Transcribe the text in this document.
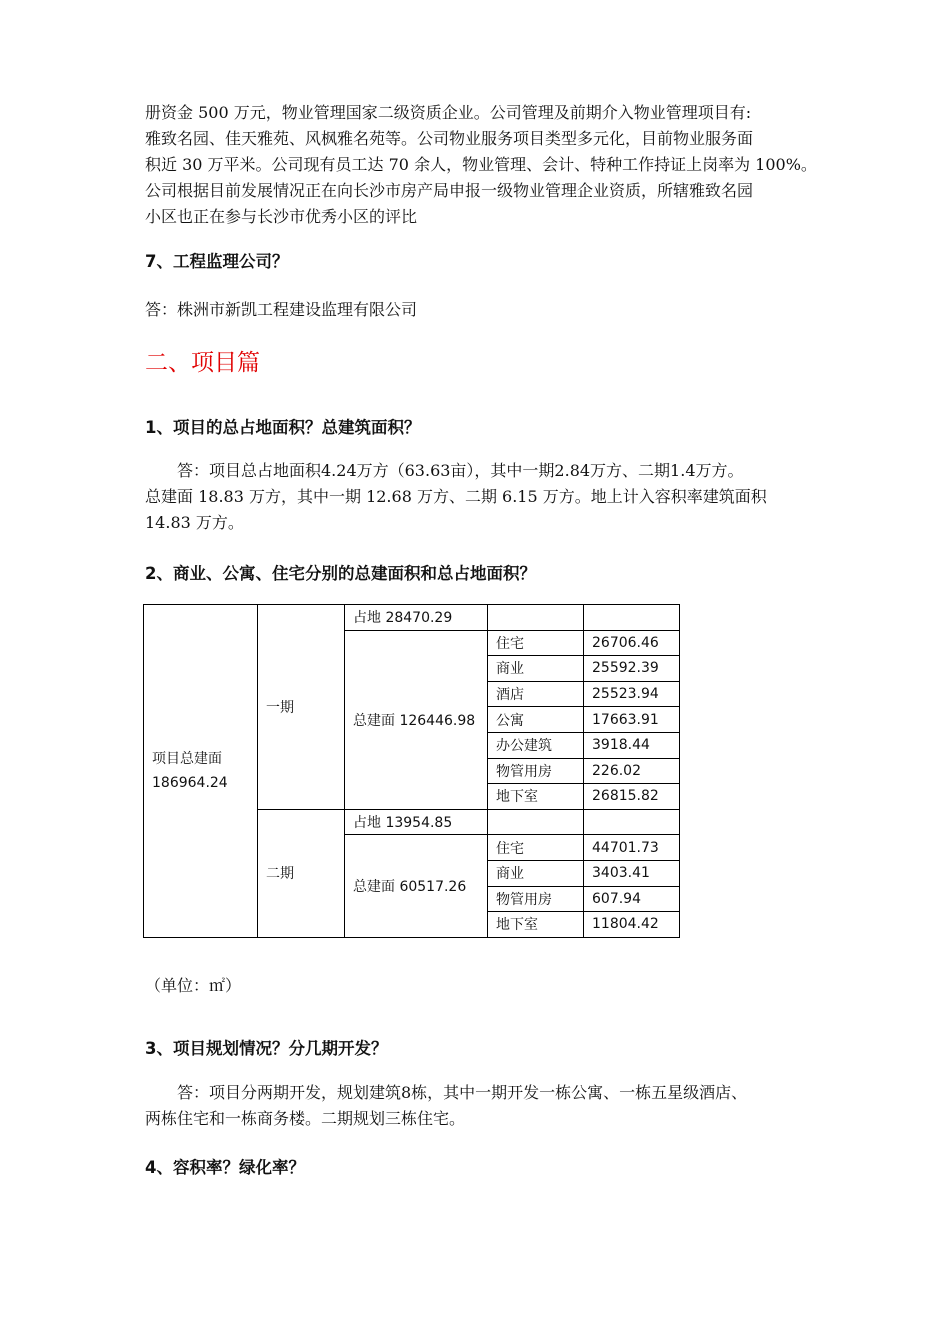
册资金 500 万元，物业管理国家二级资质企业。公司管理及前期介入物业管理项目有:
雅致名园、佳天雅苑、风枫雅名苑等。公司物业服务项目类型多元化，目前物业服务面
积近 30 万平米。公司现有员工达 70 余人，物业管理、会计、特种工作持证上岗率为 100%。
公司根据目前发展情况正在向长沙市房产局申报一级物业管理企业资质，所辖雅致名园
小区也正在参与长沙市优秀小区的评比
7、工程监理公司？
答：株洲市新凯工程建设监理有限公司
二、项目篇
1、项目的总占地面积？总建筑面积？
答：项目总占地面积4.24万方（63.63亩），其中一期2.84万方、二期1.4万方。
总建面 18.83 万方，其中一期 12.68 万方、二期 6.15 万方。地上计入容积率建筑面积
14.83 万方。
2、商业、公寓、住宅分别的总建面积和总占地面积？
项目总建面
186964.24	一期	占地 28470.29		
		总建面 126446.98	住宅	26706.46
			商业	25592.39
			酒店	25523.94
			公寓	17663.91
			办公建筑	3918.44
			物管用房	226.02
			地下室	26815.82
	二期	占地 13954.85		
		总建面 60517.26	住宅	44701.73
			商业	3403.41
			物管用房	607.94
			地下室	11804.42
（单位：㎡）
3、项目规划情况？分几期开发？
答：项目分两期开发，规划建筑8栋，其中一期开发一栋公寓、一栋五星级酒店、
两栋住宅和一栋商务楼。二期规划三栋住宅。
4、容积率？绿化率？
